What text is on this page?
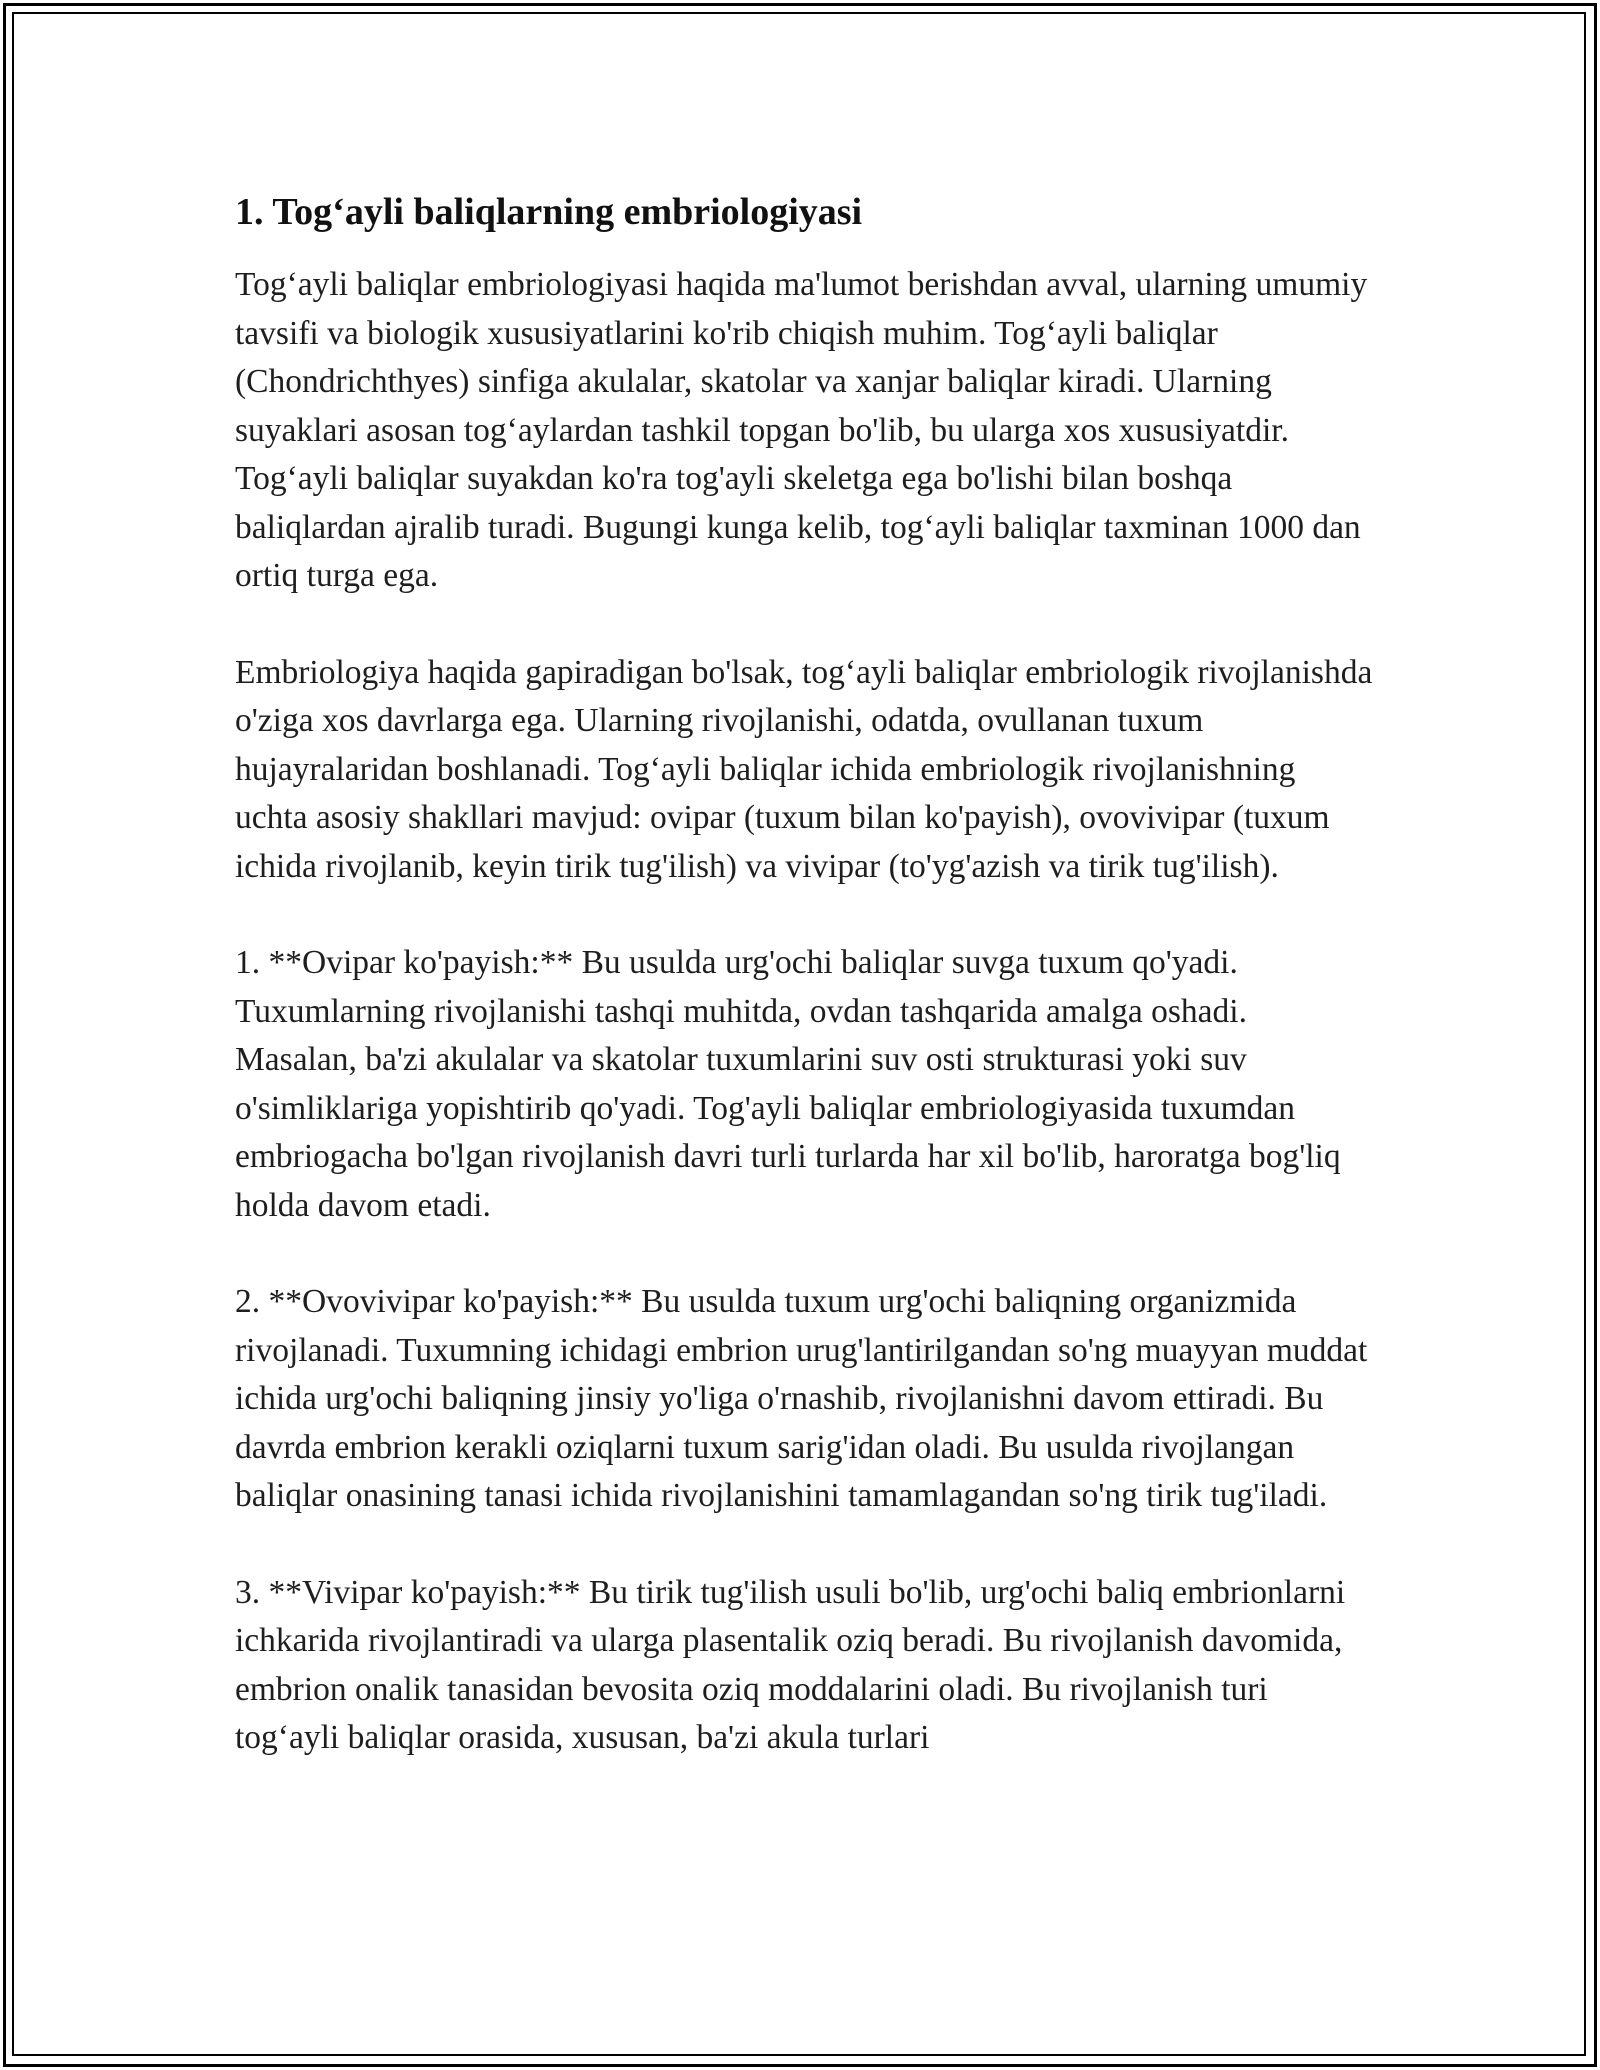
1. Tog‘ayli baliqlarning embriologiyasi

Tog‘ayli baliqlar embriologiyasi haqida ma'lumot berishdan avval, ularning umumiy tavsifi va biologik xususiyatlarini ko'rib chiqish muhim. Tog‘ayli baliqlar (Chondrichthyes) sinfiga akulalar, skatolar va xanjar baliqlar kiradi. Ularning suyaklari asosan tog‘aylardan tashkil topgan bo'lib, bu ularga xos xususiyatdir. Tog‘ayli baliqlar suyakdan ko'ra tog'ayli skeletga ega bo'lishi bilan boshqa baliqlardan ajralib turadi. Bugungi kunga kelib, tog‘ayli baliqlar taxminan 1000 dan ortiq turga ega.

Embriologiya haqida gapiradigan bo'lsak, tog‘ayli baliqlar embriologik rivojlanishda o'ziga xos davrlarga ega. Ularning rivojlanishi, odatda, ovullanan tuxum hujayralaridan boshlanadi. Tog‘ayli baliqlar ichida embriologik rivojlanishning uchta asosiy shakllari mavjud: ovipar (tuxum bilan ko'payish), ovovivipar (tuxum ichida rivojlanib, keyin tirik tug'ilish) va vivipar (to'yg'azish va tirik tug'ilish).

1. **Ovipar ko'payish:** Bu usulda urg'ochi baliqlar suvga tuxum qo'yadi. Tuxumlarning rivojlanishi tashqi muhitda, ovdan tashqarida amalga oshadi. Masalan, ba'zi akulalar va skatolar tuxumlarini suv osti strukturasi yoki suv o'simliklariga yopishtirib qo'yadi. Tog'ayli baliqlar embriologiyasida tuxumdan embriogacha bo'lgan rivojlanish davri turli turlarda har xil bo'lib, haroratga bog'liq holda davom etadi.

2. **Ovovivipar ko'payish:** Bu usulda tuxum urg'ochi baliqning organizmida rivojlanadi. Tuxumning ichidagi embrion urug'lantirilgandan so'ng muayyan muddat ichida urg'ochi baliqning jinsiy yo'liga o'rnashib, rivojlanishni davom ettiradi. Bu davrda embrion kerakli oziqlarni tuxum sarig'idan oladi. Bu usulda rivojlangan baliqlar onasining tanasi ichida rivojlanishini tamamlagandan so'ng tirik tug'iladi.

3. **Vivipar ko'payish:** Bu tirik tug'ilish usuli bo'lib, urg'ochi baliq embrionlarni ichkarida rivojlantiradi va ularga plasentalik oziq beradi. Bu rivojlanish davomida, embrion onalik tanasidan bevosita oziq moddalarini oladi. Bu rivojlanish turi tog‘ayli baliqlar orasida, xususan, ba'zi akula turlari
